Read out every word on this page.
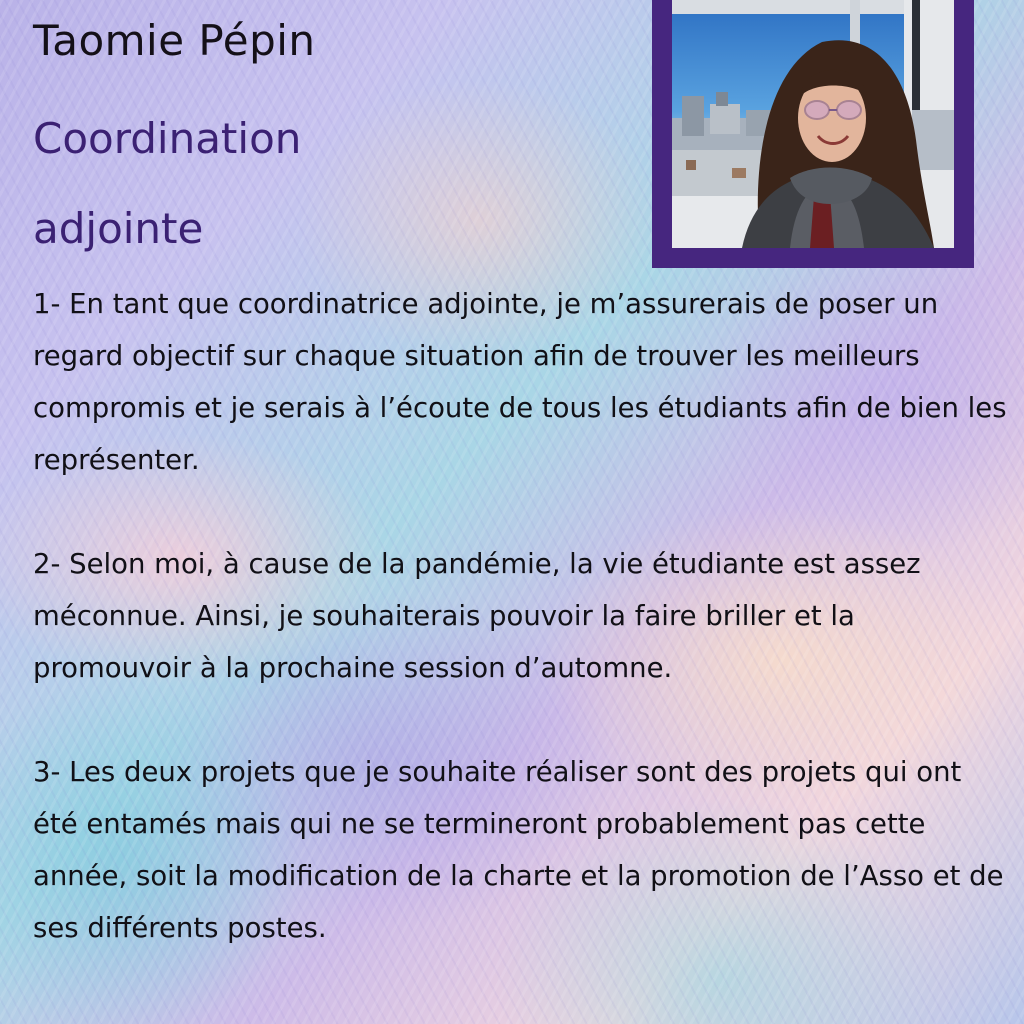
Taomie Pépin
Coordination adjointe

1- En tant que coordinatrice adjointe, je m’assurerais de poser un regard objectif sur chaque situation afin de trouver les meilleurs compromis et je serais à l’écoute de tous les étudiants afin de bien les représenter.

2- Selon moi, à cause de la pandémie, la vie étudiante est assez méconnue. Ainsi, je souhaiterais pouvoir la faire briller et la promouvoir à la prochaine session d’automne.

3- Les deux projets que je souhaite réaliser sont des projets qui ont été entamés mais qui ne se termineront probablement pas cette année, soit la modification de la charte et la promotion de l’Asso et de ses différents postes.
